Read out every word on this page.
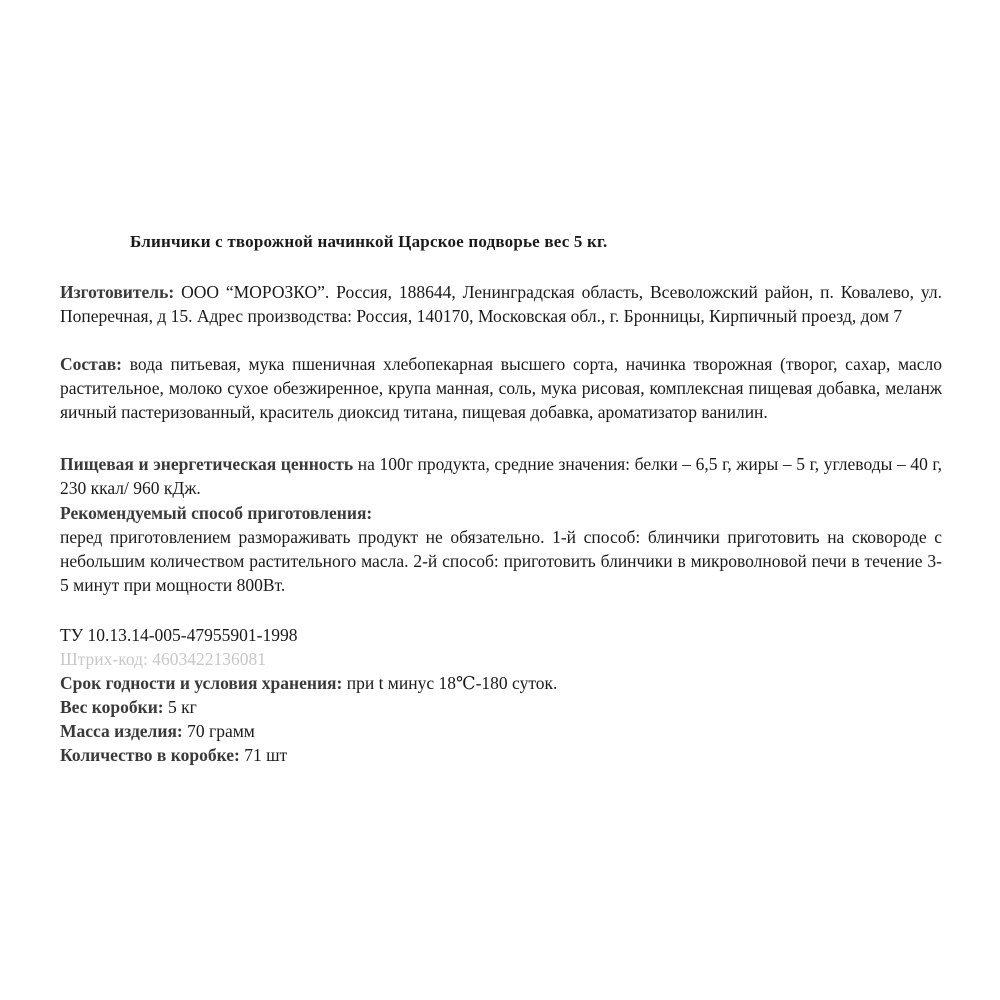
Блинчики с творожной начинкой Царское подворье вес 5 кг.
Изготовитель: ООО “МОРОЗКО”. Россия, 188644, Ленинградская область, Всеволожский район, п. Ковалево, ул. Поперечная, д 15. Адрес производства: Россия, 140170, Московская обл., г. Бронницы, Кирпичный проезд, дом 7
Состав: вода питьевая, мука пшеничная хлебопекарная высшего сорта, начинка творожная (творог, сахар, масло растительное, молоко сухое обезжиренное, крупа манная, соль, мука рисовая, комплексная пищевая добавка, меланж яичный пастеризованный, краситель диоксид титана, пищевая добавка, ароматизатор ванилин.
Пищевая и энергетическая ценность на 100г продукта, средние значения: белки – 6,5 г, жиры – 5 г, углеводы – 40 г, 230 ккал/ 960 кДж.
Рекомендуемый способ приготовления:
перед приготовлением размораживать продукт не обязательно. 1-й способ: блинчики приготовить на сковороде с небольшим количеством растительного масла. 2-й способ: приготовить блинчики в микроволновой печи в течение 3-5 минут при мощности 800Вт.
ТУ 10.13.14-005-47955901-1998
Штрих-код: 4603422136081
Срок годности и условия хранения: при t минус 18℃-180 суток.
Вес коробки: 5 кг
Масса изделия: 70 грамм
Количество в коробке: 71 шт
